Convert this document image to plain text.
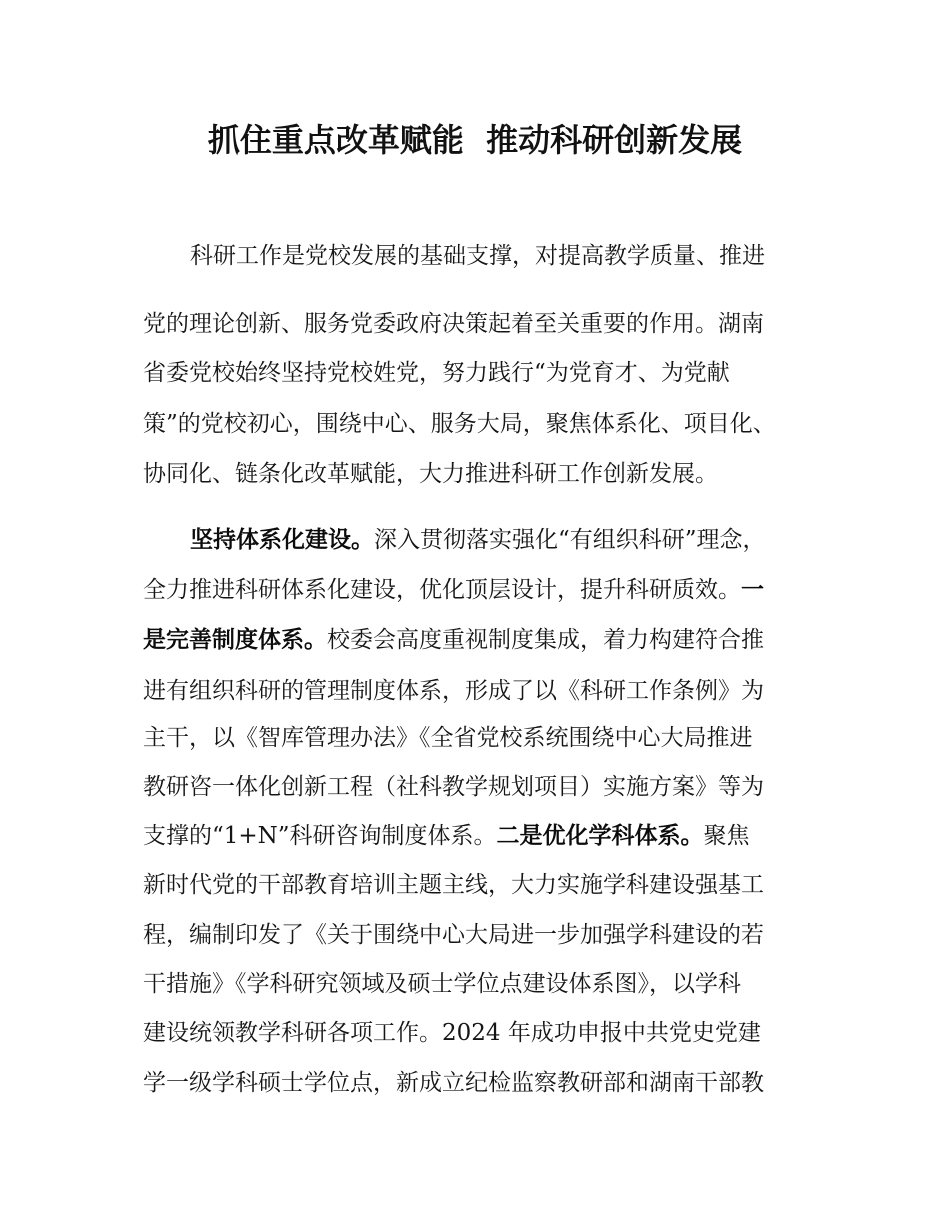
抓住重点改革赋能  推动科研创新发展
科研工作是党校发展的基础支撑，对提高教学质量、推进
党的理论创新、服务党委政府决策起着至关重要的作用。湖南
省委党校始终坚持党校姓党，努力践行“为党育才、为党献
策”的党校初心，围绕中心、服务大局，聚焦体系化、项目化、
协同化、链条化改革赋能，大力推进科研工作创新发展。
坚持体系化建设。深入贯彻落实强化“有组织科研”理念，
全力推进科研体系化建设，优化顶层设计，提升科研质效。一
是完善制度体系。校委会高度重视制度集成，着力构建符合推
进有组织科研的管理制度体系，形成了以《科研工作条例》为
主干，以《智库管理办法》《全省党校系统围绕中心大局推进
教研咨一体化创新工程（社科教学规划项目）实施方案》等为
支撑的“1+N”科研咨询制度体系。二是优化学科体系。聚焦
新时代党的干部教育培训主题主线，大力实施学科建设强基工
程，编制印发了《关于围绕中心大局进一步加强学科建设的若
干措施》《学科研究领域及硕士学位点建设体系图》，以学科
建设统领教学科研各项工作。2024 年成功申报中共党史党建
学一级学科硕士学位点，新成立纪检监察教研部和湖南干部教
